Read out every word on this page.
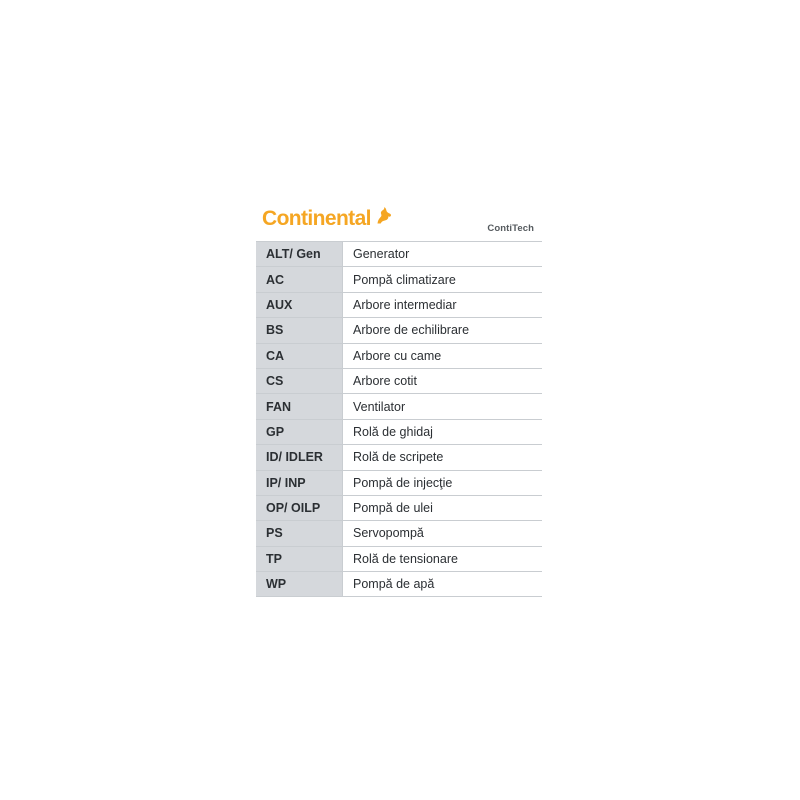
Continental	ContiTech
ALT/ Gen	Generator
AC	Pompă climatizare
AUX	Arbore intermediar
BS	Arbore de echilibrare
CA	Arbore cu came
CS	Arbore cotit
FAN	Ventilator
GP	Rolă de ghidaj
ID/ IDLER	Rolă de scripete
IP/ INP	Pompă de injecţie
OP/ OILP	Pompă de ulei
PS	Servopompă
TP	Rolă de tensionare
WP	Pompă de apă
